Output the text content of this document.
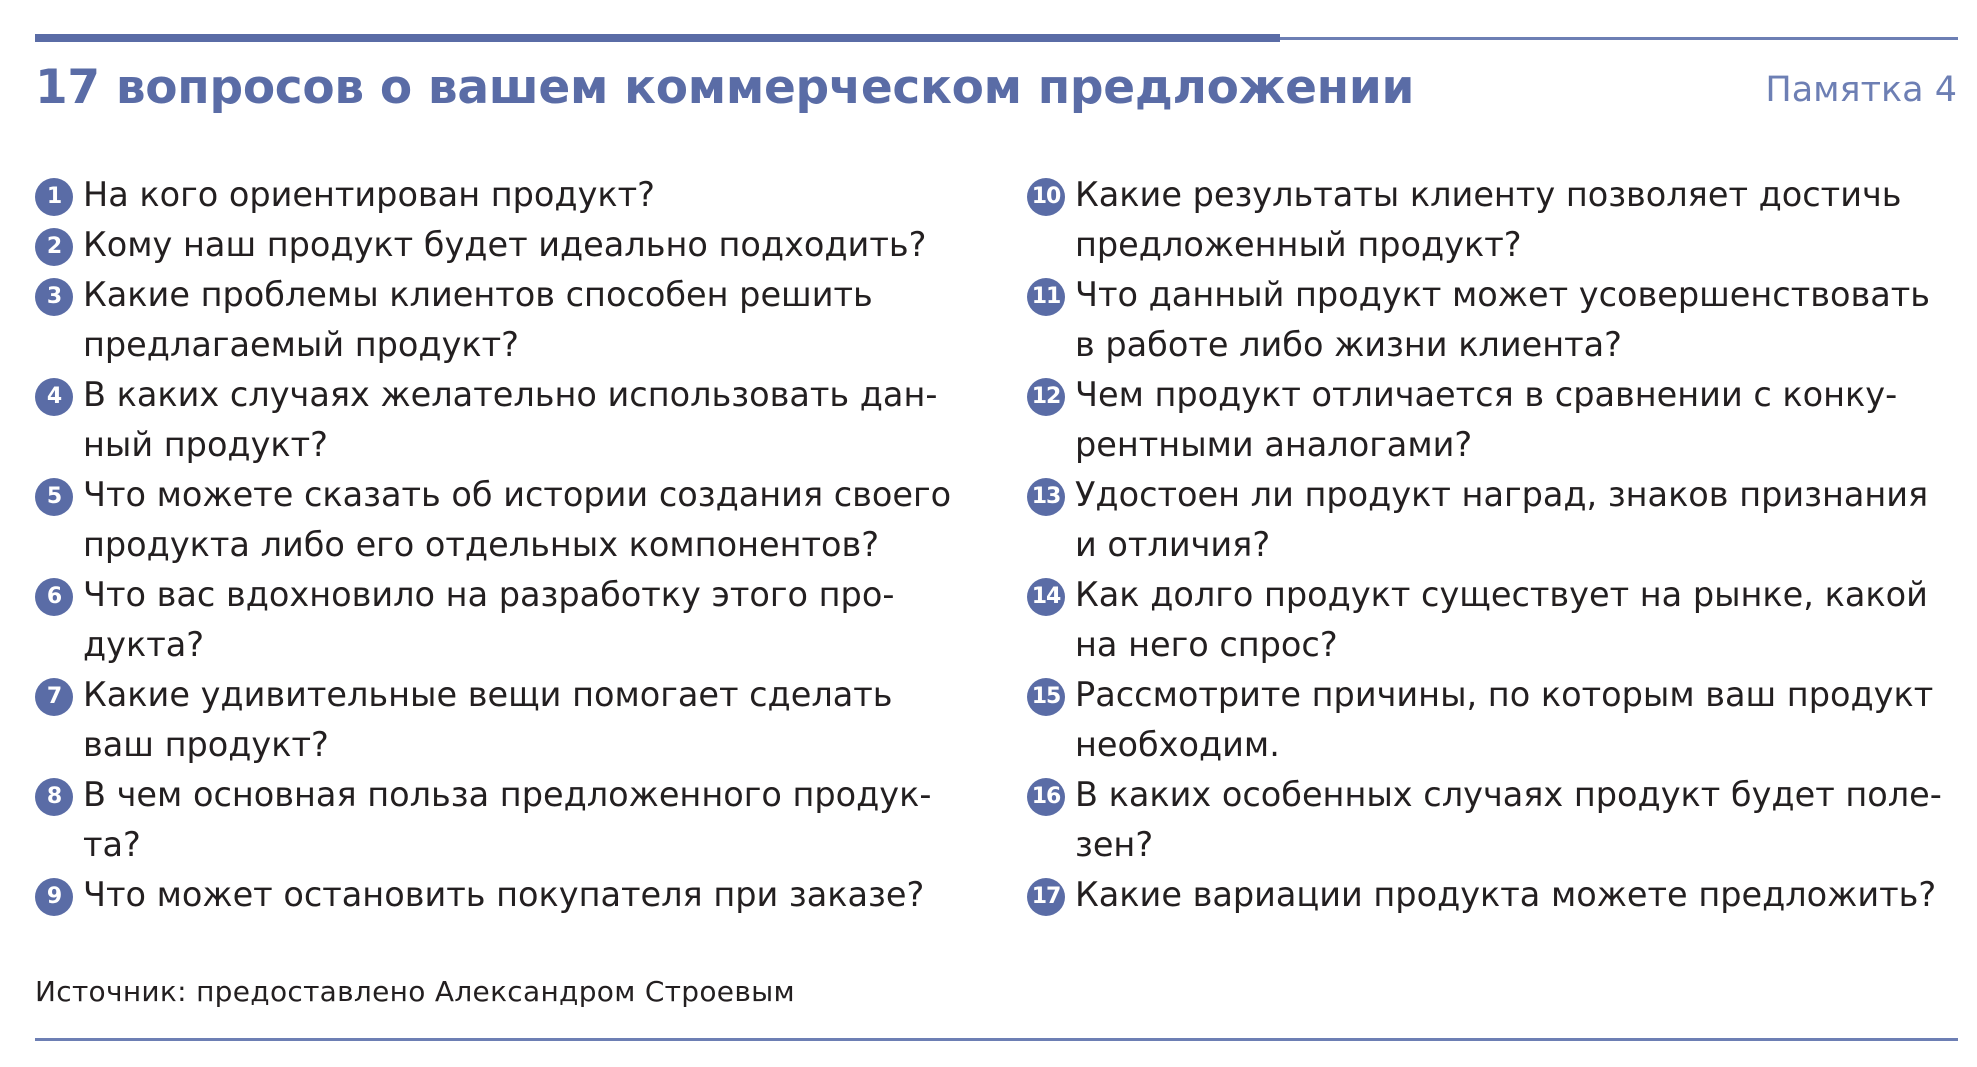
17 вопросов о вашем коммерческом предложении	Памятка 4
1 На кого ориентирован продукт?
2 Кому наш продукт будет идеально подходить?
3 Какие проблемы клиентов способен решить
предлагаемый продукт?
4 В каких случаях желательно использовать дан-
ный продукт?
5 Что можете сказать об истории создания своего
продукта либо его отдельных компонентов?
6 Что вас вдохновило на разработку этого про-
дукта?
7 Какие удивительные вещи помогает сделать
ваш продукт?
8 В чем основная польза предложенного продук-
та?
9 Что может остановить покупателя при заказе?
10 Какие результаты клиенту позволяет достичь
предложенный продукт?
11 Что данный продукт может усовершенствовать
в работе либо жизни клиента?
12 Чем продукт отличается в сравнении с конку-
рентными аналогами?
13 Удостоен ли продукт наград, знаков признания
и отличия?
14 Как долго продукт существует на рынке, какой
на него спрос?
15 Рассмотрите причины, по которым ваш продукт
необходим.
16 В каких особенных случаях продукт будет поле-
зен?
17 Какие вариации продукта можете предложить?
Источник: предоставлено Александром Строевым
